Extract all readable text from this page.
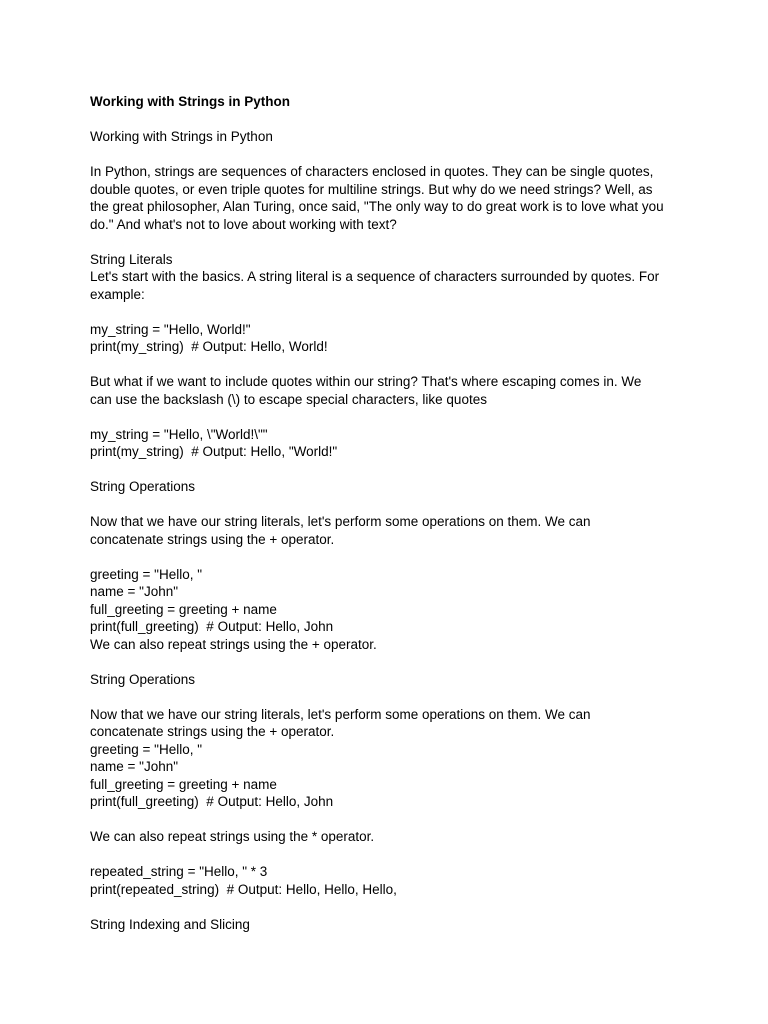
Working with Strings in Python
Working with Strings in Python
In Python, strings are sequences of characters enclosed in quotes. They can be single quotes,
double quotes, or even triple quotes for multiline strings. But why do we need strings? Well, as
the great philosopher, Alan Turing, once said, "The only way to do great work is to love what you
do." And what's not to love about working with text?
String Literals
Let's start with the basics. A string literal is a sequence of characters surrounded by quotes. For
example:
my_string = "Hello, World!"
print(my_string)  # Output: Hello, World!
But what if we want to include quotes within our string? That's where escaping comes in. We
can use the backslash (\) to escape special characters, like quotes
my_string = "Hello, \"World!\""
print(my_string)  # Output: Hello, "World!"
String Operations
Now that we have our string literals, let's perform some operations on them. We can
concatenate strings using the + operator.
greeting = "Hello, "
name = "John"
full_greeting = greeting + name
print(full_greeting)  # Output: Hello, John
We can also repeat strings using the + operator.
String Operations
Now that we have our string literals, let's perform some operations on them. We can
concatenate strings using the + operator.
greeting = "Hello, "
name = "John"
full_greeting = greeting + name
print(full_greeting)  # Output: Hello, John
We can also repeat strings using the * operator.
repeated_string = "Hello, " * 3
print(repeated_string)  # Output: Hello, Hello, Hello,
String Indexing and Slicing
